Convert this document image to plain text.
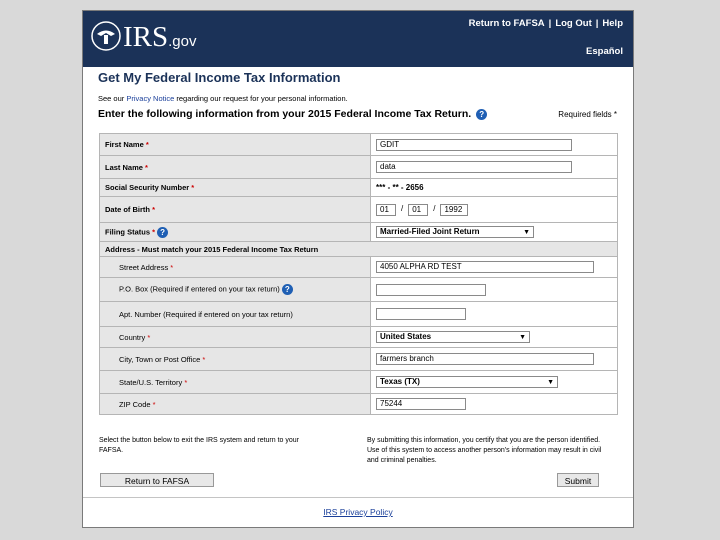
IRS.gov
Return to FAFSA | Log Out | Help
Español
Get My Federal Income Tax Information
See our Privacy Notice regarding our request for your personal information.
Enter the following information from your 2015 Federal Income Tax Return. ?	Required fields *
First Name *	GDIT
Last Name *	data
Social Security Number *	*** - ** - 2656
Date of Birth *	01 / 01 / 1992
Filing Status * ?	Married-Filed Joint Return ▼

Address - Must match your 2015 Federal Income Tax Return	
Street Address *	4050 ALPHA RD TEST
P.O. Box (Required if entered on your tax return) ?	
Apt. Number (Required if entered on your tax return)	
Country *	United States ▼

City, Town or Post Office *	farmers branch
State/U.S. Territory *	Texas (TX) ▼

ZIP Code *	75244
Select the button below to exit the IRS system and return to your FAFSA.
By submitting this information, you certify that you are the person identified. Use of this system to access another person's information may result in civil and criminal penalties.
Return to FAFSA	Submit
IRS Privacy Policy
